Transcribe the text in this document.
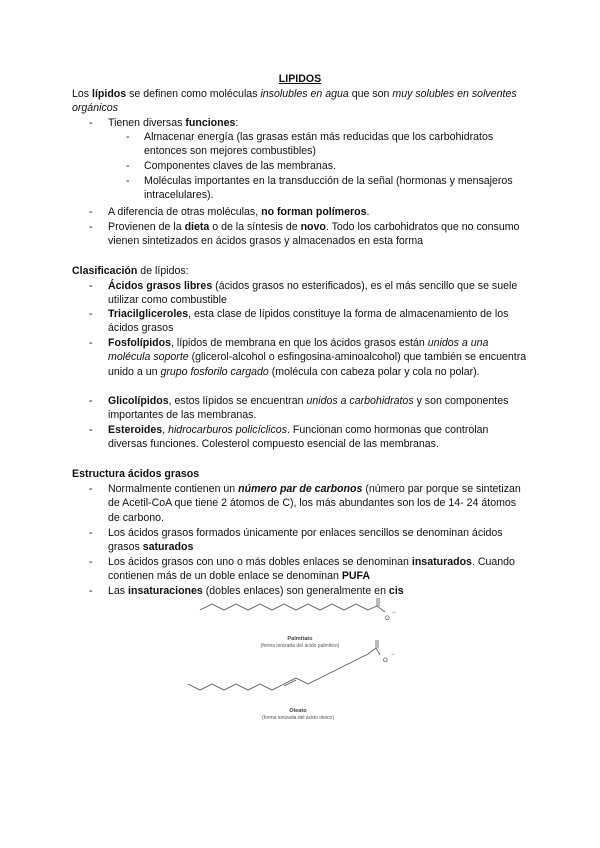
LIPIDOS
Los lípidos se definen como moléculas insolubles en agua que son muy solubles en solventes orgánicos
- Tienen diversas funciones:
- Almacenar energía (las grasas están más reducidas que los carbohidratos entonces son mejores combustibles)
- Componentes claves de las membranas.
- Moléculas importantes en la transducción de la señal (hormonas y mensajeros intracelulares).
- A diferencia de otras moléculas, no forman polímeros.
- Provienen de la dieta o de la síntesis de novo. Todo los carbohidratos que no consumo vienen sintetizados en ácidos grasos y almacenados en esta forma
Clasificación de lípidos:
- Ácidos grasos libres (ácidos grasos no esterificados), es el más sencillo que se suele utilizar como combustible
- Triacilgliceroles, esta clase de lípidos constituye la forma de almacenamiento de los ácidos grasos
- Fosfolípidos, lípidos de membrana en que los ácidos grasos están unidos a una molécula soporte (glicerol-alcohol o esfingosina-aminoalcohol) que también se encuentra unido a un grupo fosforilo cargado (molécula con cabeza polar y cola no polar).
- Glicolípidos, estos lípidos se encuentran unidos a carbohidratos y son componentes importantes de las membranas.
- Esteroides, hidrocarburos policíclicos. Funcionan como hormonas que controlan diversas funciones. Colesterol compuesto esencial de las membranas.
Estructura ácidos grasos
- Normalmente contienen un número par de carbonos (número par porque se sintetizan de Acetil-CoA que tiene 2 átomos de C), los más abundantes son los de 14- 24 átomos de carbono.
- Los ácidos grasos formados únicamente por enlaces sencillos se denominan ácidos grasos saturados
- Los ácidos grasos con uno o más dobles enlaces se denominan insaturados. Cuando contienen más de un doble enlace se denominan PUFA
- Las insaturaciones (dobles enlaces) son generalmente en cis
O
−
Palmitato
(forma ionizada del ácido palmítico)
O
−
Oleato
(forma ionizada del ácido oleico)
